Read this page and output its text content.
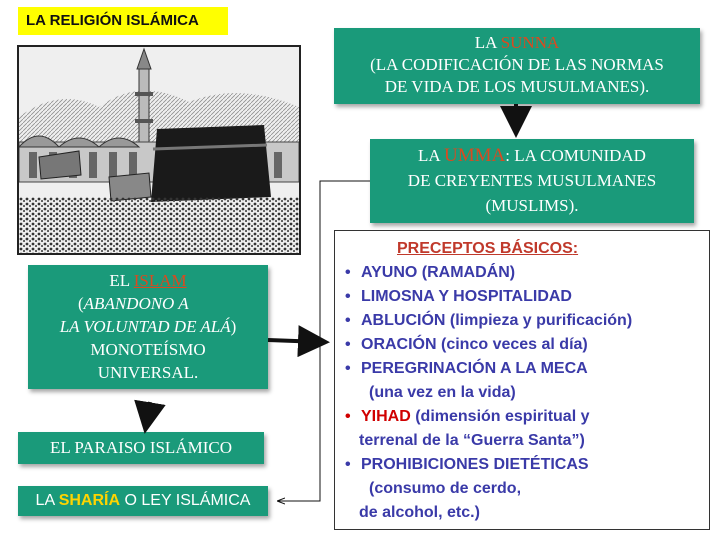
LA RELIGIÓN ISLÁMICA
LA SUNNA
(LA CODIFICACIÓN DE LAS NORMAS
DE VIDA DE LOS MUSULMANES).
LA UMMA: LA COMUNIDAD
DE CREYENTES MUSULMANES
(MUSLIMS).
EL ISLAM
(ABANDONO A
LA VOLUNTAD DE ALÁ)
MONOTEÍSMO
UNIVERSAL.
EL PARAISO ISLÁMICO
LA SHARÍA O LEY ISLÁMICA
PRECEPTOS BÁSICOS:
• AYUNO (RAMADÁN)
• LIMOSNA Y HOSPITALIDAD
• ABLUCIÓN (limpieza y purificación)
• ORACIÓN (cinco veces al día)
• PEREGRINACIÓN A LA MECA
(una vez en la vida)
• YIHAD (dimensión espiritual y
terrenal de la “Guerra Santa”)
• PROHIBICIONES DIETÉTICAS
(consumo de cerdo,
de alcohol, etc.)
